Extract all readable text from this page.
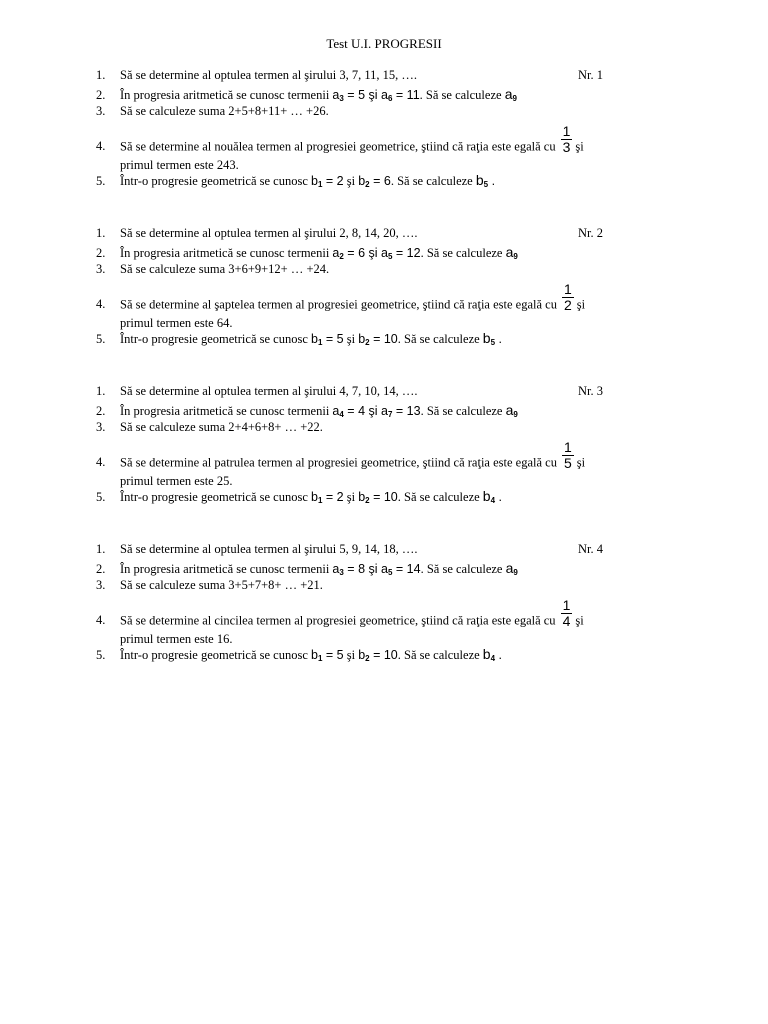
Test U.I. PROGRESII
1.	Să se determine al optulea termen al şirului 3, 7, 11, 15, ….	Nr. 1
2.	În progresia aritmetică se cunosc termenii $a_3 = 5$ şi $a_6 = 11$. Să se calculeze $a_9$
3.	Să se calculeze suma 2+5+8+11+ … +26.
4.	Să se determine al nouălea termen al progresiei geometrice, ştiind că raţia este egală cu $\frac{1}{3}$ şi
primul termen este 243.
5.	Într-o progresie geometrică se cunosc $b_1 = 2$ şi $b_2 = 6$. Să se calculeze $b_5$ .
1.	Să se determine al optulea termen al şirului 2, 8, 14, 20, ….	Nr. 2
2.	În progresia aritmetică se cunosc termenii $a_2 = 6$ şi $a_5 = 12$. Să se calculeze $a_9$
3.	Să se calculeze suma 3+6+9+12+ … +24.
4.	Să se determine al şaptelea termen al progresiei geometrice, ştiind că raţia este egală cu $\frac{1}{2}$ şi
primul termen este 64.
5.	Într-o progresie geometrică se cunosc $b_1 = 5$ şi $b_2 = 10$. Să se calculeze $b_5$ .
1.	Să se determine al optulea termen al şirului 4, 7, 10, 14, ….	Nr. 3
2.	În progresia aritmetică se cunosc termenii $a_4 = 4$ şi $a_7 = 13$. Să se calculeze $a_9$
3.	Să se calculeze suma 2+4+6+8+ … +22.
4.	Să se determine al patrulea termen al progresiei geometrice, ştiind că raţia este egală cu $\frac{1}{5}$ şi
primul termen este 25.
5.	Într-o progresie geometrică se cunosc $b_1 = 2$ şi $b_2 = 10$. Să se calculeze $b_4$ .
1.	Să se determine al optulea termen al şirului 5, 9, 14, 18, ….	Nr. 4
2.	În progresia aritmetică se cunosc termenii $a_3 = 8$ şi $a_5 = 14$. Să se calculeze $a_9$
3.	Să se calculeze suma 3+5+7+8+ … +21.
4.	Să se determine al cincilea termen al progresiei geometrice, ştiind că raţia este egală cu $\frac{1}{4}$ şi
primul termen este 16.
5.	Într-o progresie geometrică se cunosc $b_1 = 5$ şi $b_2 = 10$. Să se calculeze $b_4$ .
